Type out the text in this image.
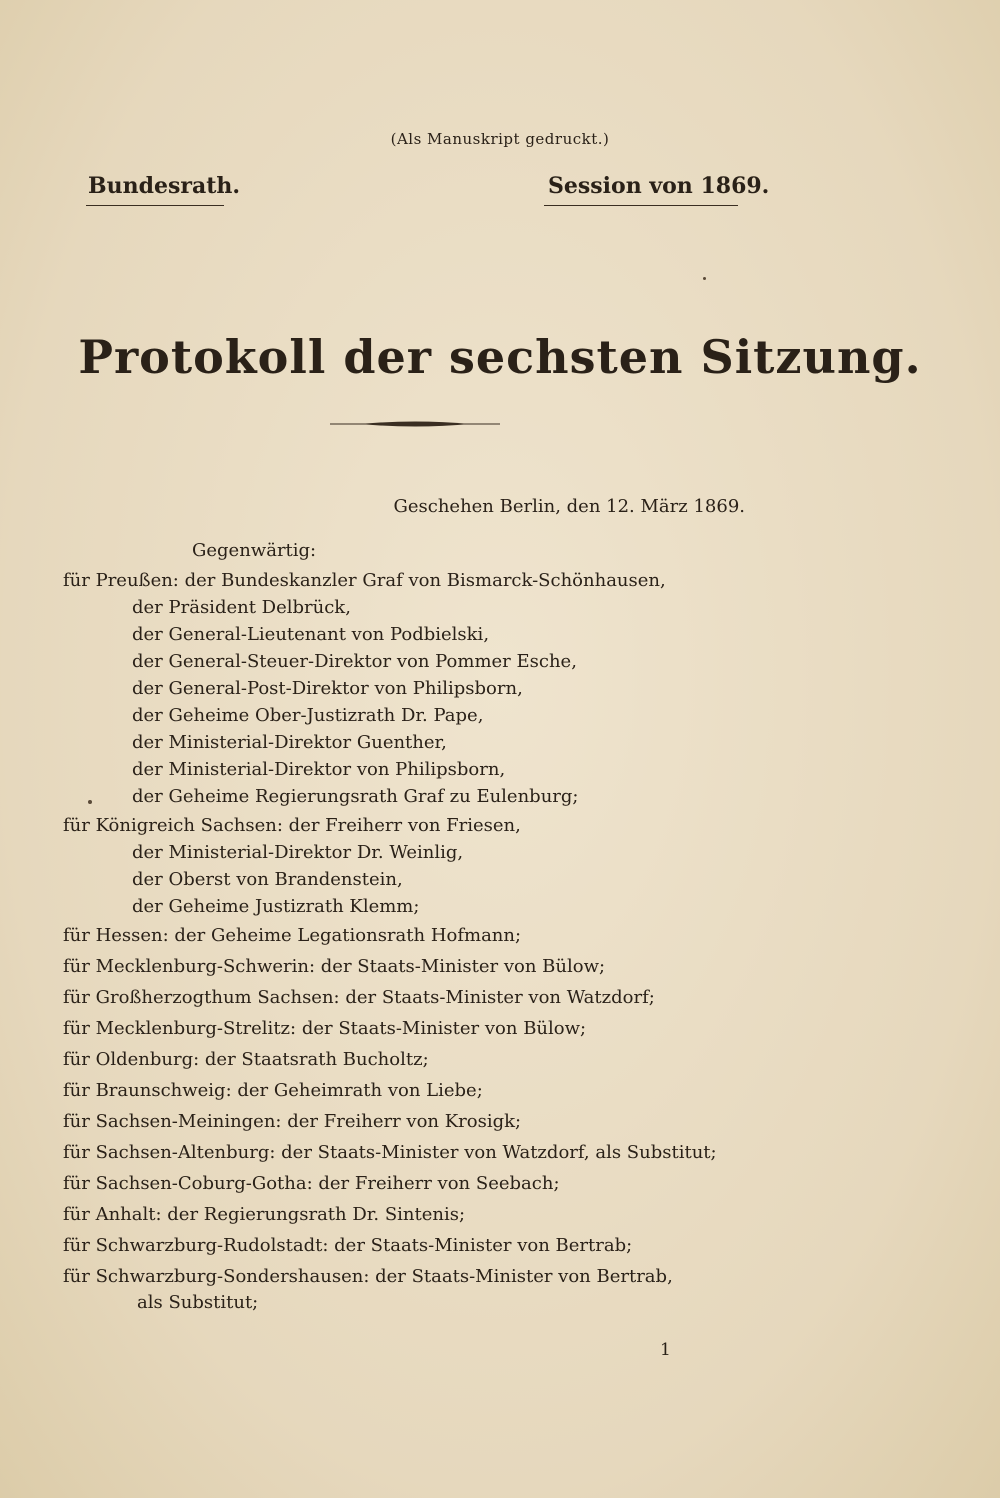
(Als Manuskript gedruckt.)
Bundesrath.	Session von 1869.
Protokoll der sechsten Sitzung.
Geschehen Berlin, den 12. März 1869.
Gegenwärtig:
für Preußen: der Bundeskanzler Graf von Bismarck-Schönhausen,
der Präsident Delbrück,
der General-Lieutenant von Podbielski,
der General-Steuer-Direktor von Pommer Esche,
der General-Post-Direktor von Philipsborn,
der Geheime Ober-Justizrath Dr. Pape,
der Ministerial-Direktor Guenther,
der Ministerial-Direktor von Philipsborn,
der Geheime Regierungsrath Graf zu Eulenburg;
für Königreich Sachsen: der Freiherr von Friesen,
der Ministerial-Direktor Dr. Weinlig,
der Oberst von Brandenstein,
der Geheime Justizrath Klemm;
für Hessen: der Geheime Legationsrath Hofmann;
für Mecklenburg-Schwerin: der Staats-Minister von Bülow;
für Großherzogthum Sachsen: der Staats-Minister von Watzdorf;
für Mecklenburg-Strelitz: der Staats-Minister von Bülow;
für Oldenburg: der Staatsrath Bucholtz;
für Braunschweig: der Geheimrath von Liebe;
für Sachsen-Meiningen: der Freiherr von Krosigk;
für Sachsen-Altenburg: der Staats-Minister von Watzdorf, als Substitut;
für Sachsen-Coburg-Gotha: der Freiherr von Seebach;
für Anhalt: der Regierungsrath Dr. Sintenis;
für Schwarzburg-Rudolstadt: der Staats-Minister von Bertrab;
für Schwarzburg-Sondershausen: der Staats-Minister von Bertrab,
als Substitut;
1
